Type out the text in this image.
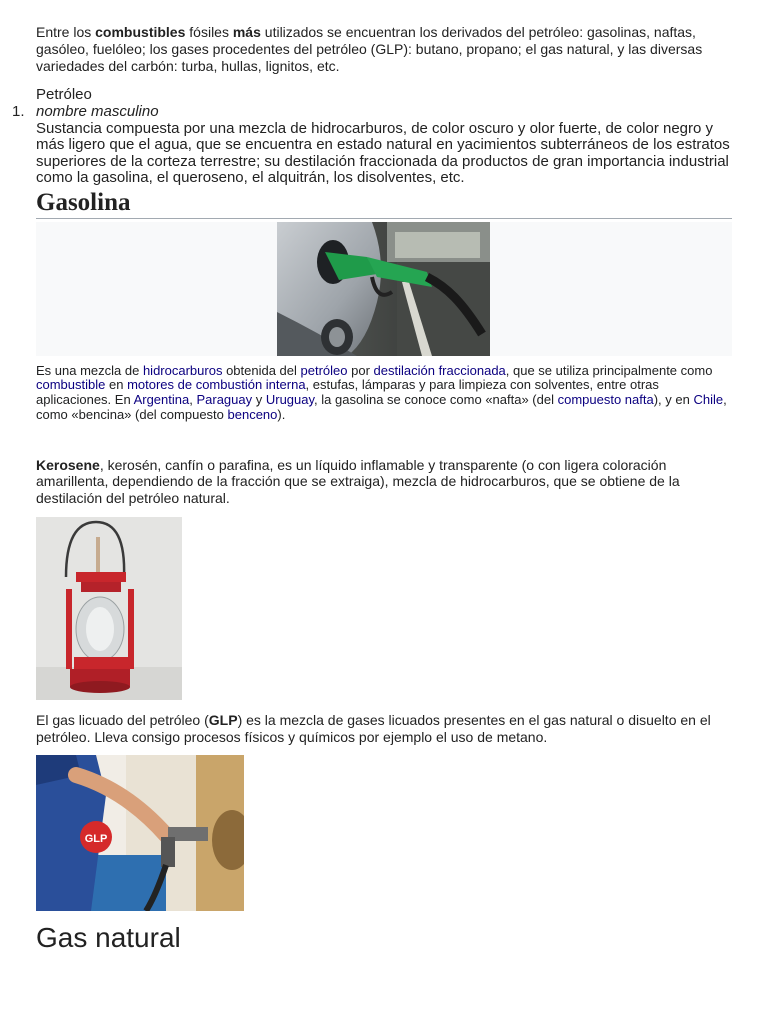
Entre los combustibles fósiles más utilizados se encuentran los derivados del petróleo: gasolinas, naftas, gasóleo, fuelóleo; los gases procedentes del petróleo (GLP): butano, propano; el gas natural, y las diversas variedades del carbón: turba, hullas, lignitos, etc.

Petróleo

1. nombre masculino
Sustancia compuesta por una mezcla de hidrocarburos, de color oscuro y olor fuerte, de color negro y más ligero que el agua, que se encuentra en estado natural en yacimientos subterráneos de los estratos superiores de la corteza terrestre; su destilación fraccionada da productos de gran importancia industrial como la gasolina, el queroseno, el alquitrán, los disolventes, etc.
Gasolina

Es una mezcla de hidrocarburos obtenida del petróleo por destilación fraccionada, que se utiliza principalmente como combustible en motores de combustión interna, estufas, lámparas y para limpieza con solventes, entre otras aplicaciones. En Argentina, Paraguay y Uruguay, la gasolina se conoce como «nafta» (del compuesto nafta), y en Chile, como «bencina» (del compuesto benceno).

Kerosene, kerosén, canfín o parafina, es un líquido inflamable y transparente (o con ligera coloración amarillenta, dependiendo de la fracción que se extraiga), mezcla de hidrocarburos, que se obtiene de la destilación del petróleo natural.

El gas licuado del petróleo (GLP) es la mezcla de gases licuados presentes en el gas natural o disuelto en el petróleo. Lleva consigo procesos físicos y químicos por ejemplo el uso de metano.

GLP
Gas natural
